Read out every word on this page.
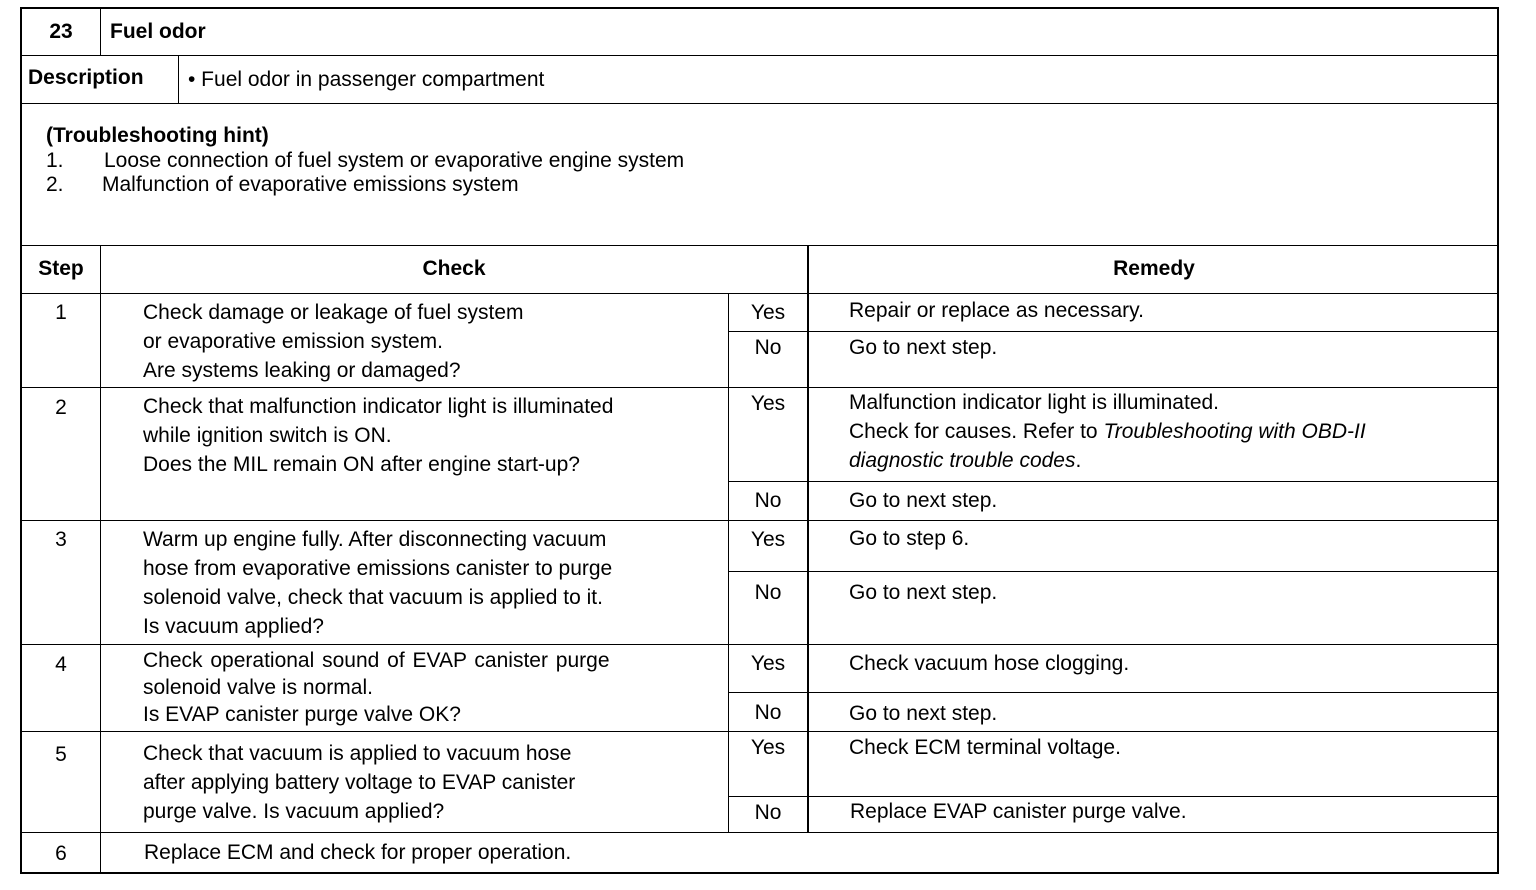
23	Fuel odor
Description • Fuel odor in passenger compartment
(Troubleshooting hint)
1. Loose connection of fuel system or evaporative engine system
2. Malfunction of evaporative emissions system
Step	Check	Remedy
1	Check damage or leakage of fuel system
or evaporative emission system.
Are systems leaking or damaged?
Yes	Repair or replace as necessary.
No	Go to next step.
2	Check that malfunction indicator light is illuminated
while ignition switch is ON.
Does the MIL remain ON after engine start-up?
Yes	Malfunction indicator light is illuminated.
Check for causes. Refer to Troubleshooting with OBD-II
diagnostic trouble codes.
No	Go to next step.
3	Warm up engine fully. After disconnecting vacuum
hose from evaporative emissions canister to purge
solenoid valve, check that vacuum is applied to it.
Is vacuum applied?
Yes	Go to step 6.
No	Go to next step.
4	Check operational sound of EVAP canister purge
solenoid valve is normal.
Is EVAP canister purge valve OK?
Yes	Check vacuum hose clogging.
No	Go to next step.
5	Check that vacuum is applied to vacuum hose
after applying battery voltage to EVAP canister
purge valve. Is vacuum applied?
Yes	Check ECM terminal voltage.
No	Replace EVAP canister purge valve.
6	Replace ECM and check for proper operation.
